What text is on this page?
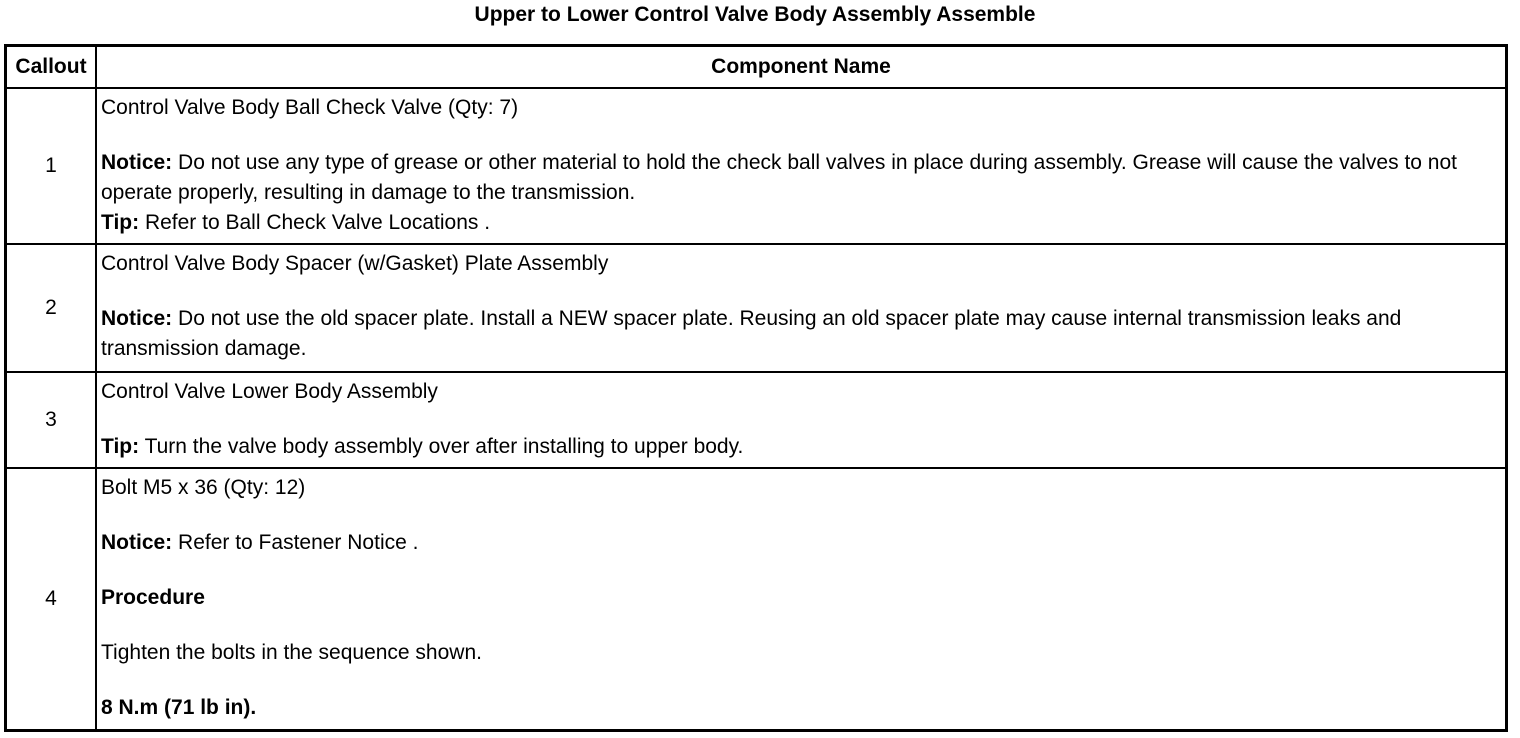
Upper to Lower Control Valve Body Assembly Assemble
Callout	Component Name
1	Control Valve Body Ball Check Valve (Qty: 7)

Notice: Do not use any type of grease or other material to hold the check ball valves in place during assembly. Grease will cause the valves to not operate properly, resulting in damage to the transmission.

Tip: Refer to Ball Check Valve Locations .

2	Control Valve Body Spacer (w/Gasket) Plate Assembly

Notice: Do not use the old spacer plate. Install a NEW spacer plate. Reusing an old spacer plate may cause internal transmission leaks and transmission damage.

3	Control Valve Lower Body Assembly

Tip: Turn the valve body assembly over after installing to upper body.

4	Bolt M5 x 36 (Qty: 12)

Notice: Refer to Fastener Notice .

Procedure

Tighten the bolts in the sequence shown.

8 N.m (71 lb in).
